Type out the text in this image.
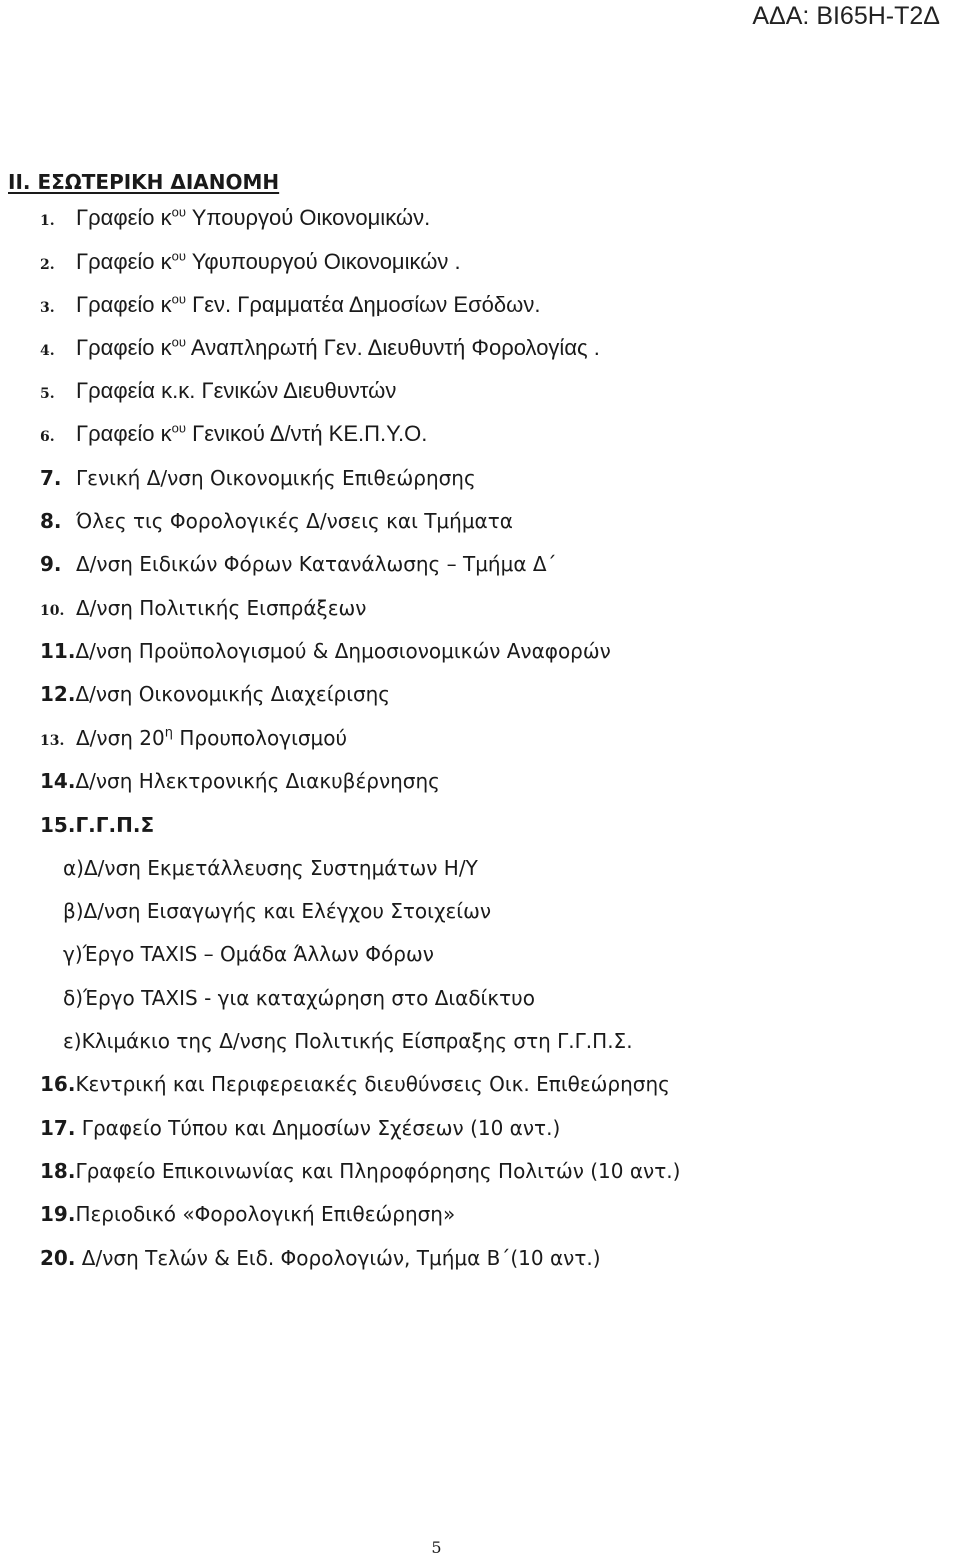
ΑΔΑ: ΒΙ65Η-Τ2Δ
ΙΙ. ΕΣΩΤΕΡΙΚΗ ΔΙΑΝΟΜΗ
1. Γραφείο $\kappa^{o\upsilon}$ Υπουργού Οικονομικών.
2. Γραφείο $\kappa^{o\upsilon}$ Υφυπουργού Οικονομικών .
3. Γραφείο $\kappa^{o\upsilon}$ Γεν. Γραμματέα Δημοσίων Εσόδων.
4. Γραφείο $\kappa^{o\upsilon}$ Αναπληρωτή Γεν. Διευθυντή Φορολογίας .
5. Γραφεία κ.κ. Γενικών Διευθυντών
6. Γραφείο $\kappa^{o\upsilon}$ Γενικού Δ/ντή ΚΕ.Π.Υ.Ο.
7. Γενική Δ/νση Οικονομικής Επιθεώρησης
8. Όλες τις Φορολογικές Δ/νσεις και Τμήματα
9. Δ/νση Ειδικών Φόρων Κατανάλωσης – Τμήμα Δ΄
10. Δ/νση Πολιτικής Εισπράξεων
11.Δ/νση Προϋπολογισμού & Δημοσιονομικών Αναφορών
12.Δ/νση Οικονομικής Διαχείρισης
13. Δ/νση $20^\eta$ Προυπολογισμού
14.Δ/νση Ηλεκτρονικής Διακυβέρνησης
15.Γ.Γ.Π.Σ
α)Δ/νση Εκμετάλλευσης Συστημάτων Η/Υ
β)Δ/νση Εισαγωγής και Ελέγχου Στοιχείων
γ)Έργο TAXIS – Ομάδα Άλλων Φόρων
δ)Έργο TAXIS - για καταχώρηση στο Διαδίκτυο
ε)Κλιμάκιο της Δ/νσης Πολιτικής Είσπραξης στη Γ.Γ.Π.Σ.
16.Κεντρική και Περιφερειακές διευθύνσεις Οικ. Επιθεώρησης
17. Γραφείο Τύπου και Δημοσίων Σχέσεων (10 αντ.)
18.Γραφείο Επικοινωνίας και Πληροφόρησης Πολιτών (10 αντ.)
19.Περιοδικό «Φορολογική Επιθεώρηση»
20. Δ/νση Τελών & Ειδ. Φορολογιών, Τμήμα Β΄(10 αντ.)
5
